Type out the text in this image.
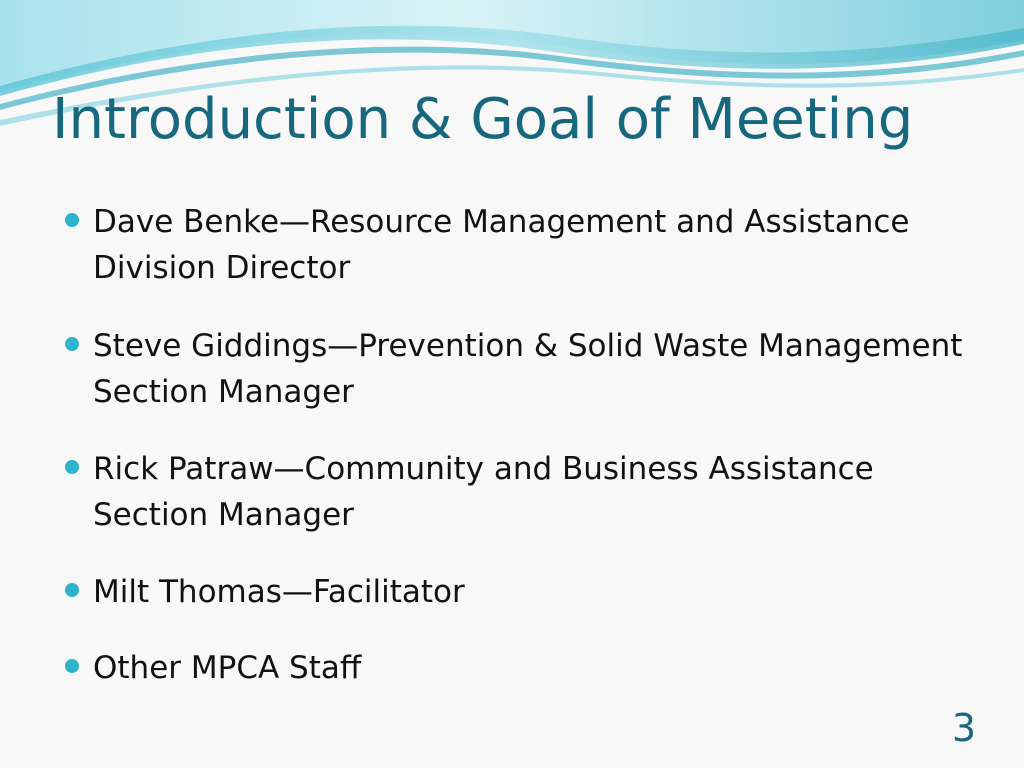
Introduction & Goal of Meeting
Dave Benke—Resource Management and Assistance Division Director
Steve Giddings—Prevention & Solid Waste Management Section Manager
Rick Patraw—Community and Business Assistance Section Manager
Milt Thomas—Facilitator
Other MPCA Staff
3
